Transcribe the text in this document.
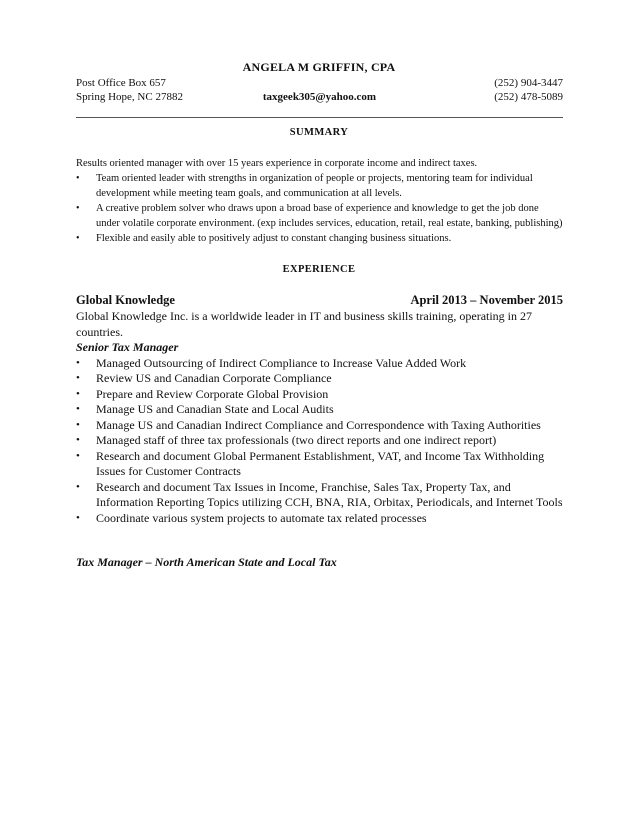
ANGELA M GRIFFIN, CPA
Post Office Box 657	(252) 904-3447
Spring Hope, NC 27882	taxgeek305@yahoo.com	(252) 478-5089
SUMMARY

Results oriented manager with over 15 years experience in corporate income and indirect taxes.

• Team oriented leader with strengths in organization of people or projects, mentoring team for individual development while meeting team goals, and communication at all levels.
• A creative problem solver who draws upon a broad base of experience and knowledge to get the job done under volatile corporate environment. (exp includes services, education, retail, real estate, banking, publishing)
• Flexible and easily able to positively adjust to constant changing business situations.
EXPERIENCE
Global Knowledge	April 2013 – November 2015

Global Knowledge Inc. is a worldwide leader in IT and business skills training, operating in 27 countries.

Senior Tax Manager

• Managed Outsourcing of Indirect Compliance to Increase Value Added Work
• Review US and Canadian Corporate Compliance
• Prepare and Review Corporate Global Provision
• Manage US and Canadian State and Local Audits
• Manage US and Canadian Indirect Compliance and Correspondence with Taxing Authorities
• Managed staff of three tax professionals (two direct reports and one indirect report)
• Research and document Global Permanent Establishment, VAT, and Income Tax Withholding Issues for Customer Contracts
• Research and document Tax Issues in Income, Franchise, Sales Tax, Property Tax, and Information Reporting Topics utilizing CCH, BNA, RIA, Orbitax, Periodicals, and Internet Tools
• Coordinate various system projects to automate tax related processes
Tax Manager – North American State and Local Tax
